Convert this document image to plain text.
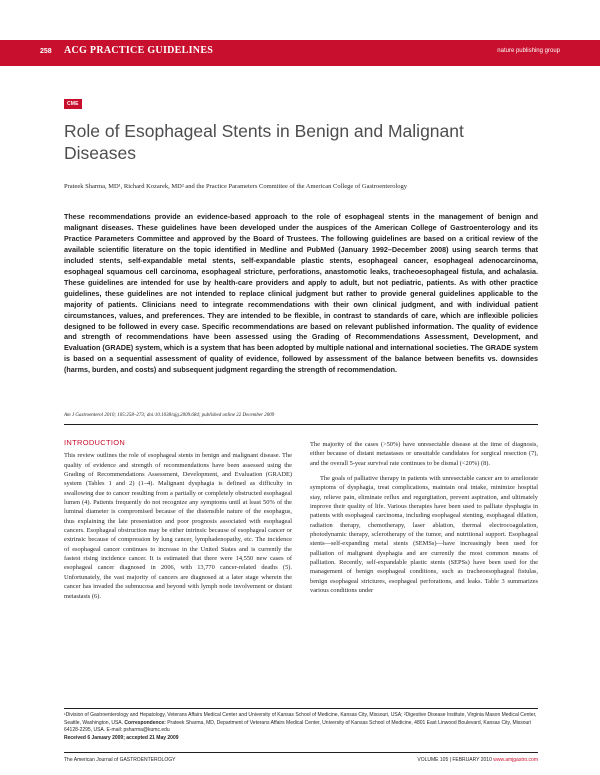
258 ACG PRACTICE GUIDELINES	nature publishing group
CME
Role of Esophageal Stents in Benign and Malignant Diseases
Prateek Sharma, MD¹, Richard Kozarek, MD² and the Practice Parameters Committee of the American College of Gastroenterology
These recommendations provide an evidence-based approach to the role of esophageal stents in the management of benign and malignant diseases. These guidelines have been developed under the auspices of the American College of Gastroenterology and its Practice Parameters Committee and approved by the Board of Trustees. The following guidelines are based on a critical review of the available scientific literature on the topic identified in Medline and PubMed (January 1992–December 2008) using search terms that included stents, self-expandable metal stents, self-expandable plastic stents, esophageal cancer, esophageal adenocarcinoma, esophageal squamous cell carcinoma, esophageal stricture, perforations, anastomotic leaks, tracheoesophageal fistula, and achalasia. These guidelines are intended for use by health-care providers and apply to adult, but not pediatric, patients. As with other practice guidelines, these guidelines are not intended to replace clinical judgment but rather to provide general guidelines applicable to the majority of patients. Clinicians need to integrate recommendations with their own clinical judgment, and with individual patient circumstances, values, and preferences. They are intended to be flexible, in contrast to standards of care, which are inflexible policies designed to be followed in every case. Specific recommendations are based on relevant published information. The quality of evidence and strength of recommendations have been assessed using the Grading of Recommendations Assessment, Development, and Evaluation (GRADE) system, which is a system that has been adopted by multiple national and international societies. The GRADE system is based on a sequential assessment of quality of evidence, followed by assessment of the balance between benefits vs. downsides (harms, burden, and costs) and subsequent judgment regarding the strength of recommendation.
Am J Gastroenterol 2010; 105:258–273; doi:10.1038/ajg.2009.684; published online 22 December 2009
INTRODUCTION

This review outlines the role of esophageal stents in benign and malignant disease. The quality of evidence and strength of recommendations have been assessed using the Grading of Recommendations Assessment, Development, and Evaluation (GRADE) system (Tables 1 and 2) (1–4). Malignant dysphagia is defined as difficulty in swallowing due to cancer resulting from a partially or completely obstructed esophageal lumen (4). Patients frequently do not recognize any symptoms until at least 50% of the luminal diameter is compromised because of the distensible nature of the esophagus, thus explaining the late presentation and poor prognosis associated with esophageal cancers. Esophageal obstruction may be either intrinsic because of esophageal cancer or extrinsic because of compression by lung cancer, lymphadenopathy, etc. The incidence of esophageal cancer continues to increase in the United States and is currently the fastest rising incidence cancer. It is estimated that there were 14,550 new cases of esophageal cancer diagnosed in 2006, with 13,770 cancer-related deaths (5). Unfortunately, the vast majority of cancers are diagnosed at a later stage wherein the cancer has invaded the submucosa and beyond with lymph node involvement or distant metastasis (6).

The majority of the cases (>50%) have unresectable disease at the time of diagnosis, either because of distant metastases or unsuitable candidates for surgical resection (7), and the overall 5-year survival rate continues to be dismal (<20%) (8).

The goals of palliative therapy in patients with unresectable cancer are to ameliorate symptoms of dysphagia, treat complications, maintain oral intake, minimize hospital stay, relieve pain, eliminate reflux and regurgitation, prevent aspiration, and ultimately improve their quality of life. Various therapies have been used to palliate dysphagia in patients with esophageal carcinoma, including esophageal stenting, esophageal dilation, radiation therapy, chemotherapy, laser ablation, thermal electrocoagulation, photodynamic therapy, sclerotherapy of the tumor, and nutritional support. Esophageal stents—self-expanding metal stents (SEMSs)—have increasingly been used for palliation of malignant dysphagia and are currently the most common means of palliation. Recently, self-expandable plastic stents (SEPSs) have been used for the management of benign esophageal conditions, such as tracheoesophageal fistulas, benign esophageal strictures, esophageal perforations, and leaks. Table 3 summarizes various conditions under

¹Division of Gastroenterology and Hepatology, Veterans Affairs Medical Center and University of Kansas School of Medicine, Kansas City, Missouri, USA; ²Digestive Disease Institute, Virginia Mason Medical Center, Seattle, Washington, USA. Correspondence: Prateek Sharma, MD, Department of Veterans Affairs Medical Center, University of Kansas School of Medicine, 4801 East Linwood Boulevard, Kansas City, Missouri 64128-2295, USA. E-mail: psharma@kumc.edu

Received 6 January 2009; accepted 21 May 2009

The American Journal of GASTROENTEROLOGY	VOLUME 105 | FEBRUARY 2010 www.amjgastro.com
